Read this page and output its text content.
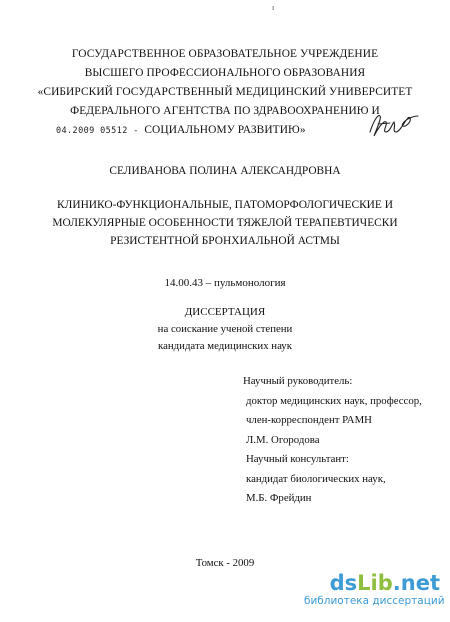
ı
ГОСУДАРСТВЕННОЕ ОБРАЗОВАТЕЛЬНОЕ УЧРЕЖДЕНИЕ
ВЫСШЕГО ПРОФЕССИОНАЛЬНОГО ОБРАЗОВАНИЯ
«СИБИРСКИЙ ГОСУДАРСТВЕННЫЙ МЕДИЦИНСКИЙ УНИВЕРСИТЕТ
ФЕДЕРАЛЬНОГО АГЕНТСТВА ПО ЗДРАВООХРАНЕНИЮ И
СОЦИАЛЬНОМУ РАЗВИТИЮ»
04.2009 05512 -
СЕЛИВАНОВА ПОЛИНА АЛЕКСАНДРОВНА
КЛИНИКО-ФУНКЦИОНАЛЬНЫЕ, ПАТОМОРФОЛОГИЧЕСКИЕ И
МОЛЕКУЛЯРНЫЕ ОСОБЕННОСТИ ТЯЖЕЛОЙ ТЕРАПЕВТИЧЕСКИ
РЕЗИСТЕНТНОЙ БРОНХИАЛЬНОЙ АСТМЫ
14.00.43 – пульмонология
ДИССЕРТАЦИЯ
на соискание ученой степени
кандидата медицинских наук
Научный руководитель:
доктор медицинских наук, профессор,
член-корреспондент РАМН
Л.М. Огородова
Научный консультант:
кандидат биологических наук,
М.Б. Фрейдин
Томск - 2009
dsLib.net
библиотека диссертаций
